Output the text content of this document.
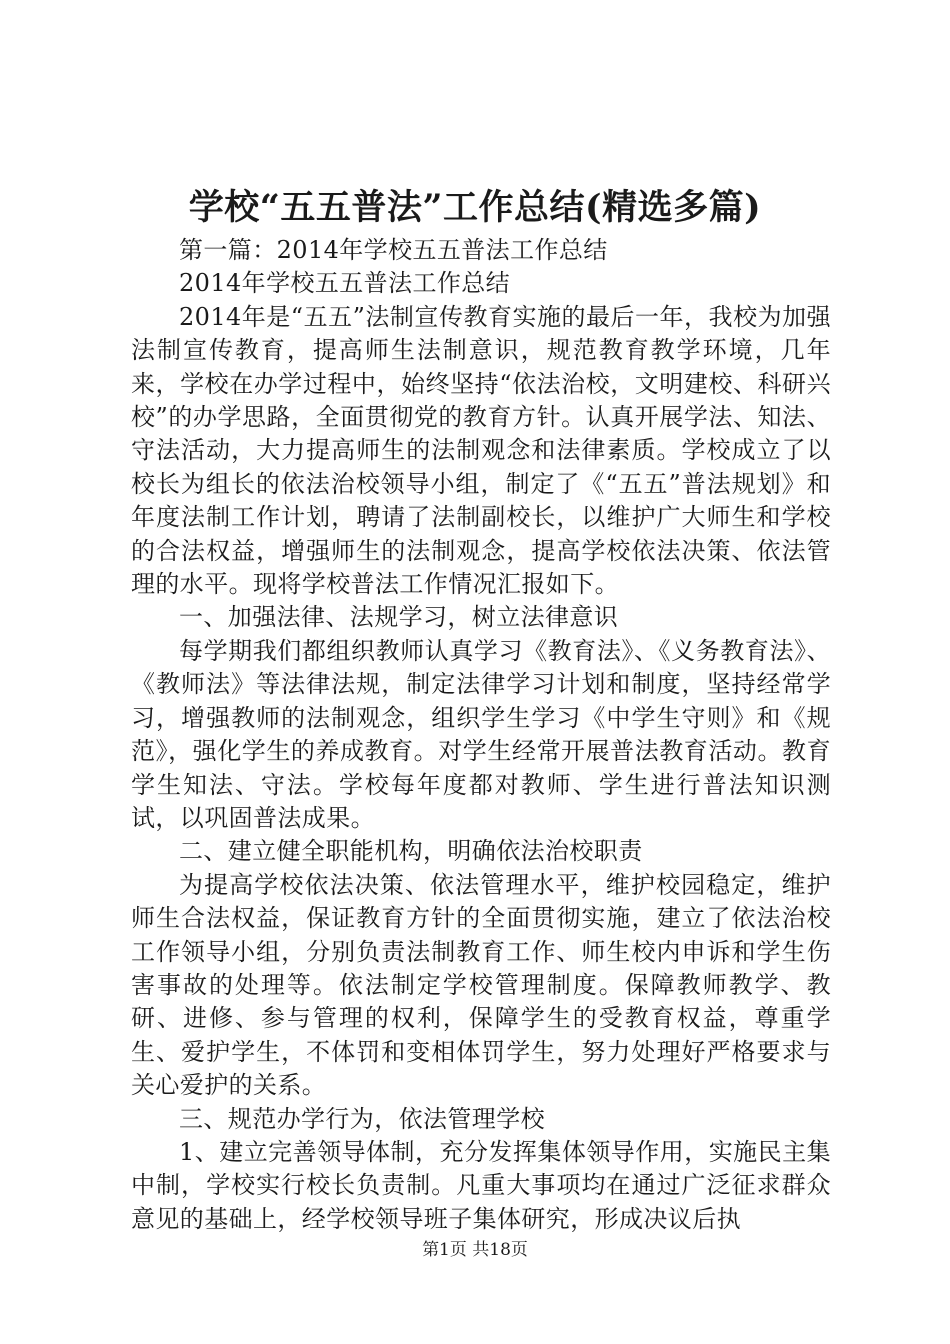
学校“五五普法”工作总结(精选多篇)

第一篇：2014年学校五五普法工作总结

2014年学校五五普法工作总结

2014年是“五五”法制宣传教育实施的最后一年，我校为加强法制宣传教育，提高师生法制意识，规范教育教学环境，几年来，学校在办学过程中，始终坚持“依法治校，文明建校、科研兴校”的办学思路，全面贯彻党的教育方针。认真开展学法、知法、守法活动，大力提高师生的法制观念和法律素质。学校成立了以校长为组长的依法治校领导小组，制定了《“五五”普法规划》和年度法制工作计划，聘请了法制副校长，以维护广大师生和学校的合法权益，增强师生的法制观念，提高学校依法决策、依法管理的水平。现将学校普法工作情况汇报如下。

一、加强法律、法规学习，树立法律意识

每学期我们都组织教师认真学习《教育法》、《义务教育法》、《教师法》等法律法规，制定法律学习计划和制度，坚持经常学习，增强教师的法制观念，组织学生学习《中学生守则》和《规范》，强化学生的养成教育。对学生经常开展普法教育活动。教育学生知法、守法。学校每年度都对教师、学生进行普法知识测试，以巩固普法成果。

二、建立健全职能机构，明确依法治校职责

为提高学校依法决策、依法管理水平，维护校园稳定，维护师生合法权益，保证教育方针的全面贯彻实施，建立了依法治校工作领导小组，分别负责法制教育工作、师生校内申诉和学生伤害事故的处理等。依法制定学校管理制度。保障教师教学、教研、进修、参与管理的权利，保障学生的受教育权益，尊重学生、爱护学生，不体罚和变相体罚学生，努力处理好严格要求与关心爱护的关系。

三、规范办学行为，依法管理学校

1、建立完善领导体制，充分发挥集体领导作用，实施民主集中制，学校实行校长负责制。凡重大事项均在通过广泛征求群众意见的基础上，经学校领导班子集体研究，形成决议后执

第1页 共18页
